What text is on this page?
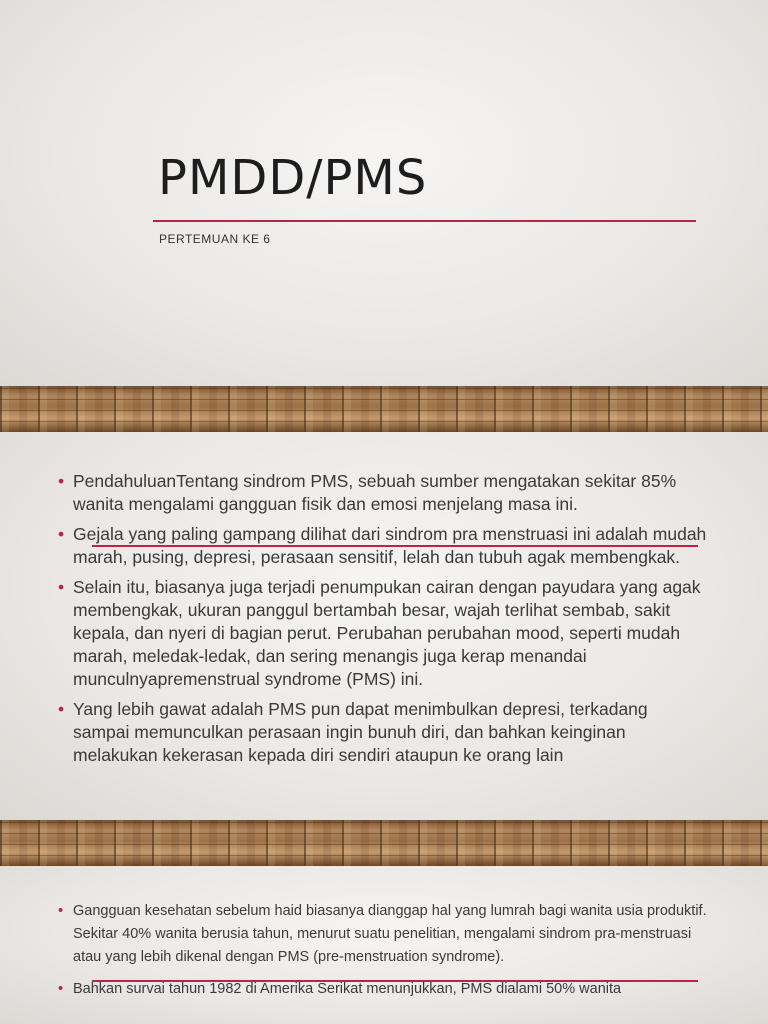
PMDD/PMS
PERTEMUAN KE 6
• PendahuluanTentang sindrom PMS, sebuah sumber mengatakan sekitar 85% wanita mengalami gangguan fisik dan emosi menjelang masa ini.
• Gejala yang paling gampang dilihat dari sindrom pra menstruasi ini adalah mudah marah, pusing, depresi, perasaan sensitif, lelah dan tubuh agak membengkak.
• Selain itu, biasanya juga terjadi penumpukan cairan dengan payudara yang agak membengkak, ukuran panggul bertambah besar, wajah terlihat sembab, sakit kepala, dan nyeri di bagian perut. Perubahan perubahan mood, seperti mudah marah, meledak-ledak, dan sering menangis juga kerap menandai munculnyapremenstrual syndrome (PMS) ini.
• Yang lebih gawat adalah PMS pun dapat menimbulkan depresi, terkadang sampai memunculkan perasaan ingin bunuh diri, dan bahkan keinginan melakukan kekerasan kepada diri sendiri ataupun ke orang lain
• Gangguan kesehatan sebelum haid biasanya dianggap hal yang lumrah bagi wanita usia produktif. Sekitar 40% wanita berusia tahun, menurut suatu penelitian, mengalami sindrom pra-menstruasi atau yang lebih dikenal dengan PMS (pre-menstruation syndrome).
• Bahkan survai tahun 1982 di Amerika Serikat menunjukkan, PMS dialami 50% wanita
